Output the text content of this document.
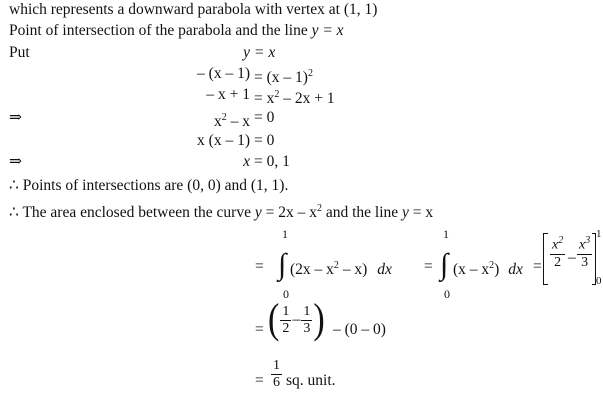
which represents a downward parabola with vertex at (1, 1)
Point of intersection of the parabola and the line y = x
Put	y = x
– (x – 1) = (x – 1)$^2$
– $x + 1 = x^2 - 2x + 1$
⇒	$x^2 - x = 0$
x (x – 1) = 0
⇒	x = 0, 1
∴ Points of intersections are (0, 0) and (1, 1).
∴ The area enclosed between the curve $y = 2x - x^2$ and the line y = x
=
1
∫
0
$(2x - x^2 - x)$ dx =
1
∫
0
$(x - x^2)$ dx = $\frac{x^2}{2} - \frac{x^3}{3} 1$
0
= ( $\frac{1}{2} - \frac{1}{3}$ ) – (0 – 0)
= $\frac{1}{6}$ sq. unit.
